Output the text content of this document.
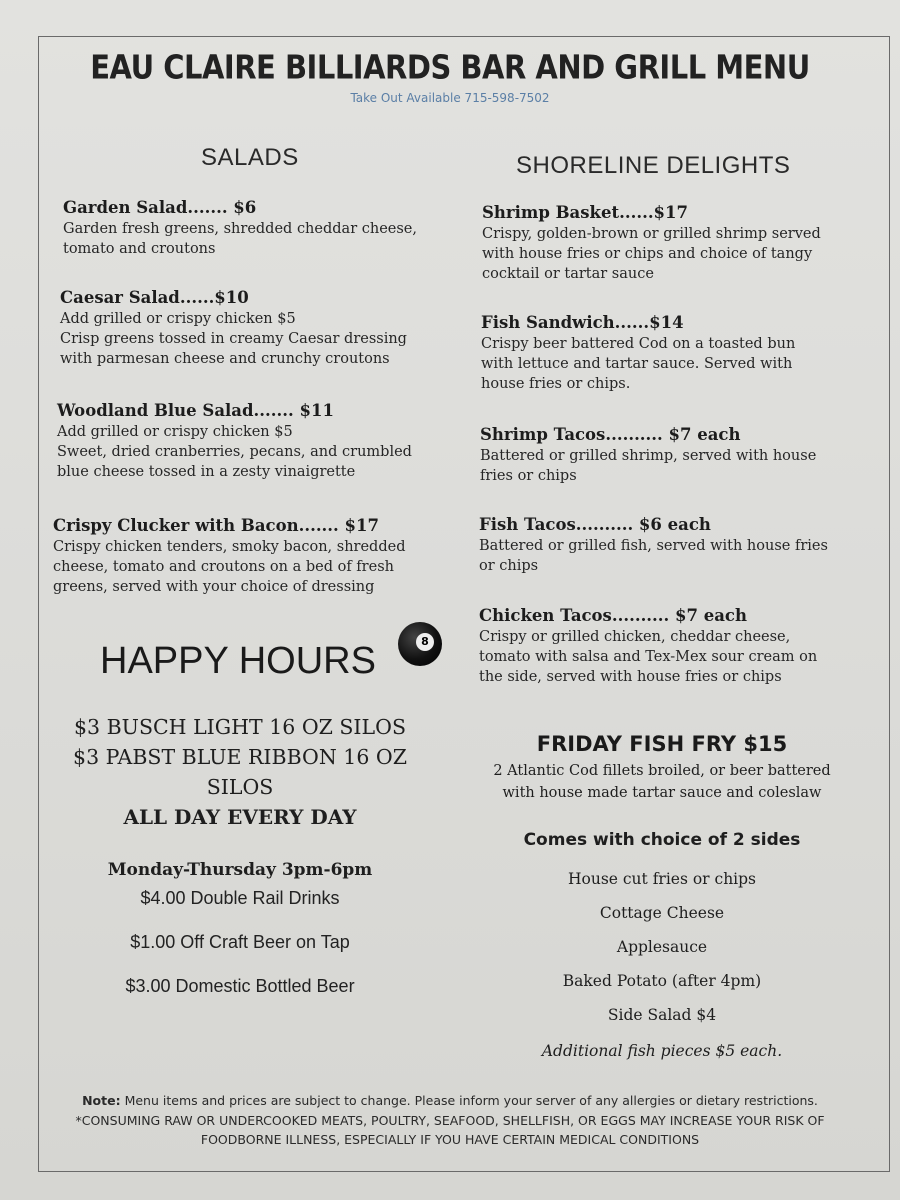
EAU CLAIRE BILLIARDS BAR AND GRILL MENU
Take Out Available 715-598-7502
SALADS
Garden Salad....... $6
Garden fresh greens, shredded cheddar cheese,
tomato and croutons
Caesar Salad......$10
Add grilled or crispy chicken $5
Crisp greens tossed in creamy Caesar dressing
with parmesan cheese and crunchy croutons
Woodland Blue Salad....... $11
Add grilled or crispy chicken $5
Sweet, dried cranberries, pecans, and crumbled
blue cheese tossed in a zesty vinaigrette
Crispy Clucker with Bacon....... $17
Crispy chicken tenders, smoky bacon, shredded
cheese, tomato and croutons on a bed of fresh
greens, served with your choice of dressing
SHORELINE DELIGHTS
Shrimp Basket......$17
Crispy, golden-brown or grilled shrimp served
with house fries or chips and choice of tangy
cocktail or tartar sauce
Fish Sandwich......$14
Crispy beer battered Cod on a toasted bun
with lettuce and tartar sauce. Served with
house fries or chips.
Shrimp Tacos.......... $7 each
Battered or grilled shrimp, served with house
fries or chips
Fish Tacos.......... $6 each
Battered or grilled fish, served with house fries
or chips
Chicken Tacos.......... $7 each
Crispy or grilled chicken, cheddar cheese,
tomato with salsa and Tex-Mex sour cream on
the side, served with house fries or chips
HAPPY HOURS	8
$3 BUSCH LIGHT 16 OZ SILOS
$3 PABST BLUE RIBBON 16 OZ
SILOS
ALL DAY EVERY DAY
Monday-Thursday 3pm-6pm
$4.00 Double Rail Drinks
$1.00 Off Craft Beer on Tap
$3.00 Domestic Bottled Beer
FRIDAY FISH FRY $15
2 Atlantic Cod fillets broiled, or beer battered
with house made tartar sauce and coleslaw
Comes with choice of 2 sides
House cut fries or chips
Cottage Cheese
Applesauce
Baked Potato (after 4pm)
Side Salad $4
Additional fish pieces $5 each.
Note: Menu items and prices are subject to change. Please inform your server of any allergies or dietary restrictions.
*CONSUMING RAW OR UNDERCOOKED MEATS, POULTRY, SEAFOOD, SHELLFISH, OR EGGS MAY INCREASE YOUR RISK OF
FOODBORNE ILLNESS, ESPECIALLY IF YOU HAVE CERTAIN MEDICAL CONDITIONS
